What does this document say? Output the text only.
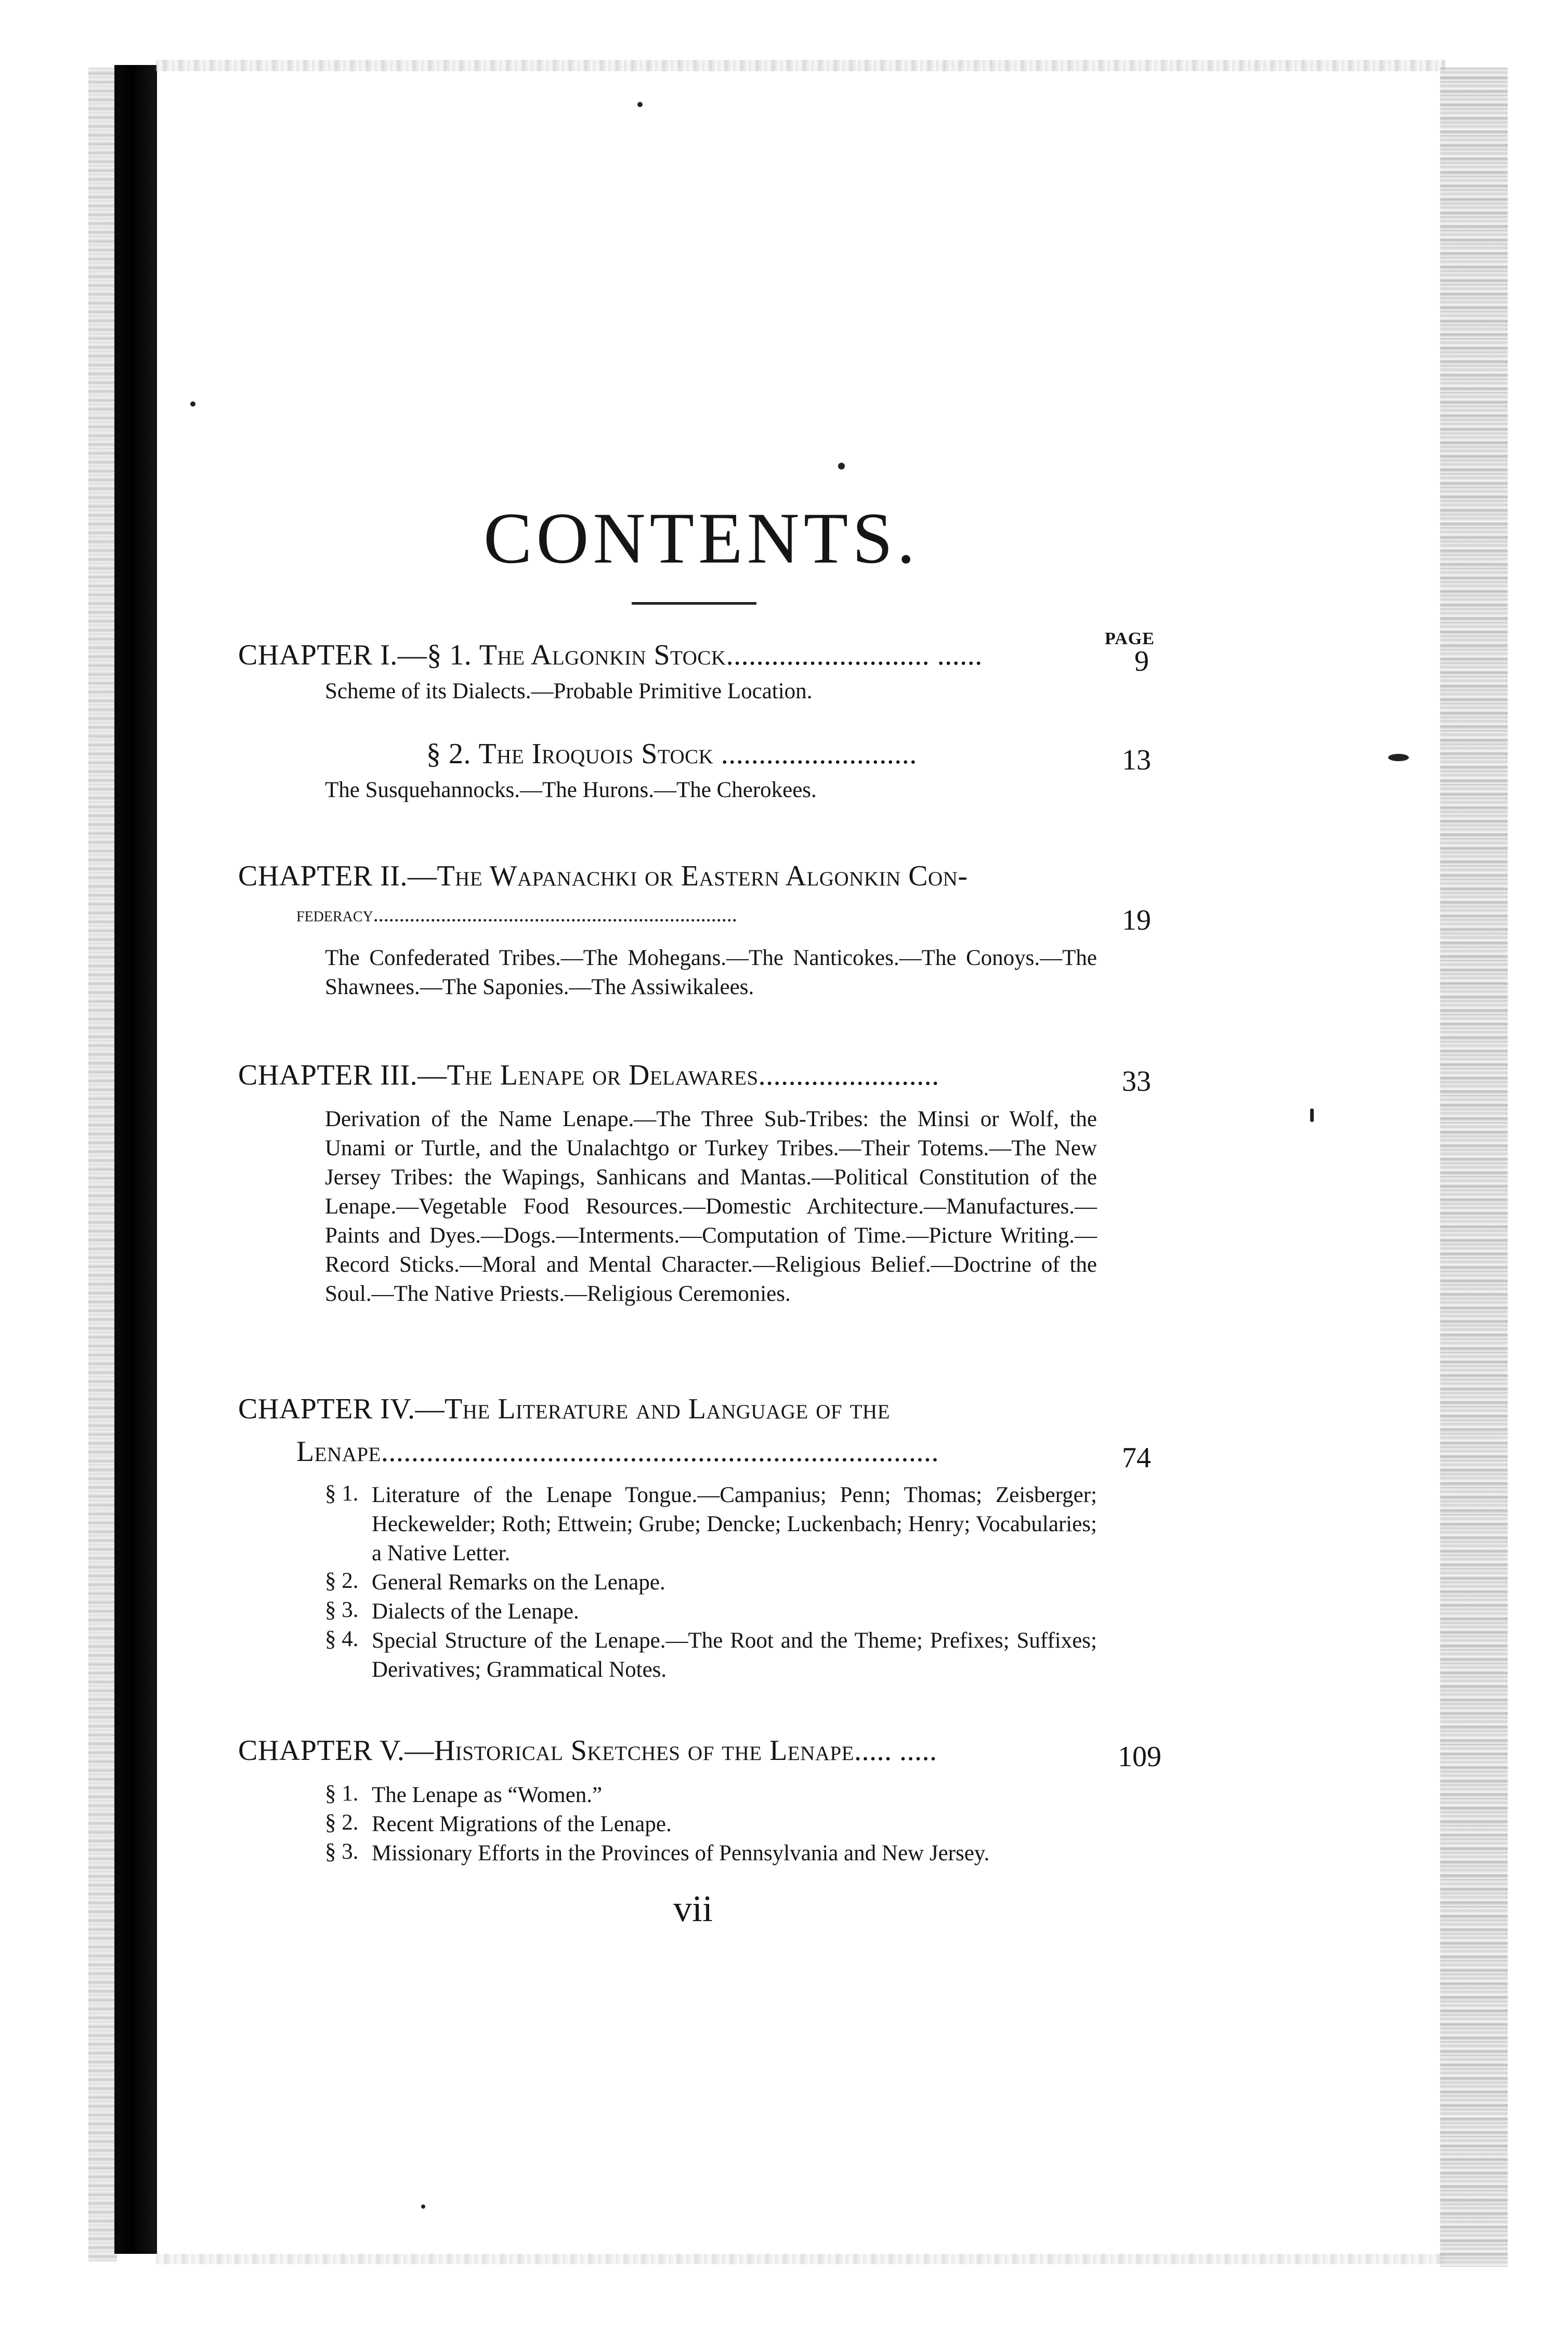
CONTENTS.
PAGE
CHAPTER I.—§ 1. The Algonkin Stock........................... ......	9
Scheme of its Dialects.—Probable Primitive Location.
§ 2. The Iroquois Stock ..........................	13
The Susquehannocks.—The Hurons.—The Cherokees.
CHAPTER II.—The Wapanachki or Eastern Algonkin Con-
federacy......................................................................	19
The Confederated Tribes.—The Mohegans.—The Nanticokes.—The Conoys.—The Shawnees.—The Saponies.—The Assiwikalees.
CHAPTER III.—The Lenape or Delawares........................	33
Derivation of the Name Lenape.—The Three Sub-Tribes: the Minsi or Wolf, the Unami or Turtle, and the Unalachtgo or Turkey Tribes.—Their Totems.—The New Jersey Tribes: the Wapings, Sanhicans and Mantas.—Political Constitution of the Lenape.—Vegetable Food Resources.—Domestic Architecture.—Manufactures.—Paints and Dyes.—Dogs.—Interments.—Computation of Time.—Picture Writing.—Record Sticks.—Moral and Mental Character.—Religious Belief.—Doctrine of the Soul.—The Native Priests.—Religious Ceremonies.
CHAPTER IV.—The Literature and Language of the
Lenape..........................................................................	74
§ 1. Literature of the Lenape Tongue.—Campanius; Penn; Thomas; Zeisberger; Heckewelder; Roth; Ettwein; Grube; Dencke; Luckenbach; Henry; Vocabularies; a Native Letter.
§ 2. General Remarks on the Lenape.
§ 3. Dialects of the Lenape.
§ 4. Special Structure of the Lenape.—The Root and the Theme; Prefixes; Suffixes; Derivatives; Grammatical Notes.
CHAPTER V.—Historical Sketches of the Lenape..... .....	109
§ 1. The Lenape as “Women.”
§ 2. Recent Migrations of the Lenape.
§ 3. Missionary Efforts in the Provinces of Pennsylvania and New Jersey.
vii
